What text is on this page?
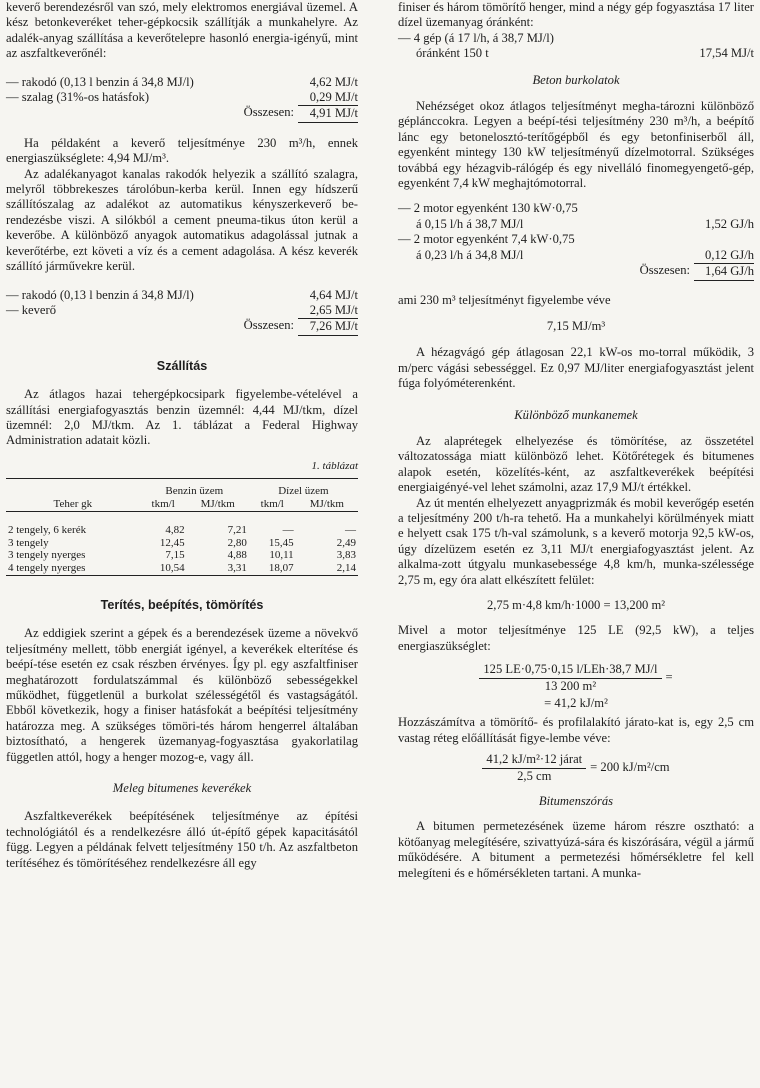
keverő berendezésről van szó, mely elektromos energiával üzemel. A kész betonkeveréket teher-gépkocsik szállítják a munkahelyre. Az adalék-anyag szállítása a keverőtelepre hasonló energia-igényű, mint az aszfaltkeverőnél:

— rakodó (0,13 l benzin á 34,8 MJ/l)	4,62 MJ/t
— szalag (31%-os hatásfok)	0,29 MJ/t
Összesen:	4,91 MJ/t

Ha példaként a keverő teljesítménye 230 m³/h, ennek energiaszükséglete: 4,94 MJ/m³.

Az adalékanyagot kanalas rakodók helyezik a szállító szalagra, melyről többrekeszes tárolóbun-kerba kerül. Innen egy hídszerű szállítószalag az adalékot az automatikus kényszerkeverő be-rendezésbe viszi. A silókból a cement pneuma-tikus úton kerül a keverőbe. A különböző anyagok automatikus adagolással jutnak a keverőtérbe, ezt követi a víz és a cement adagolása. A kész keverék szállító járművekre kerül.

— rakodó (0,13 l benzin á 34,8 MJ/l)	4,64 MJ/t
— keverő	2,65 MJ/t
Összesen:	7,26 MJ/t

Szállítás

Az átlagos hazai tehergépkocsipark figyelembe-vételével a szállítási energiafogyasztás benzin üzemnél: 4,44 MJ/tkm, dízel üzemnél: 2,0 MJ/tkm. Az 1. táblázat a Federal Highway Administration adatait közli.

1. táblázat

Teher gk	Benzin üzem		Dízel üzem	
	tkm/l	MJ/tkm	tkm/l	MJ/tkm

2 tengely, 6 kerék	4,82	7,21	—	—
3 tengely	12,45	2,80	15,45	2,49
3 tengely nyerges	7,15	4,88	10,11	3,83
4 tengely nyerges	10,54	3,31	18,07	2,14

Terítés, beépítés, tömörítés

Az eddigiek szerint a gépek és a berendezések üzeme a növekvő teljesítmény mellett, több energiát igényel, a keverékek elterítése és beépí-tése esetén ez csak részben érvényes. Így pl. egy aszfaltfiniser meghatározott fordulatszámmal és különböző sebességekkel működhet, függetlenül a burkolat szélességétől és vastagságától. Ebből következik, hogy a finiser hatásfokát a beépítési teljesítmény határozza meg. A szükséges tömöri-tés három hengerrel általában biztosítható, a hengerek üzemanyag-fogyasztása gyakorlatilag független attól, hogy a henger mozog-e, vagy áll.

Meleg bitumenes keverékek

Aszfaltkeverékek beépítésének teljesítménye az építési technológiától és a rendelkezésre álló út-építő gépek kapacitásától függ. Legyen a példának felvett teljesítmény 150 t/h. Az aszfaltbeton terítéséhez és tömörítéséhez rendelkezésre áll egy

finiser és három tömörítő henger, mind a négy gép fogyasztása 17 liter dízel üzemanyag óránként:

— 4 gép (á 17 l/h, á 38,7 MJ/l)
óránként 150 t	17,54 MJ/t

Beton burkolatok

Nehézséget okoz átlagos teljesítményt megha-tározni különböző géplánccokra. Legyen a beépí-tési teljesítmény 230 m³/h, a beépítő lánc egy betonelosztó-terítőgépből és egy betonfiniserből áll, egyenként mintegy 130 kW teljesítményű dízelmotorral. Szükséges továbbá egy hézagvib-rálógép és egy nivelláló finomegyengető-gép, egyenként 7,4 kW meghajtómotorral.

— 2 motor egyenként 130 kW·0,75
á 0,15 l/h á 38,7 MJ/l	1,52 GJ/h
— 2 motor egyenként 7,4 kW·0,75
á 0,23 l/h á 34,8 MJ/l	0,12 GJ/h
Összesen:	1,64 GJ/h

ami 230 m³ teljesítményt figyelembe véve

7,15 MJ/m³

A hézagvágó gép átlagosan 22,1 kW-os mo-torral működik, 3 m/perc vágási sebességgel. Ez 0,97 MJ/liter energiafogyasztást jelent fúga folyóméterenként.

Különböző munkanemek

Az alaprétegek elhelyezése és tömörítése, az összetétel változatossága miatt különböző lehet. Kötőrétegek és bitumenes alapok esetén, közelítés-ként, az aszfaltkeverékek beépítési energiaigényé-vel lehet számolni, azaz 17,9 MJ/t értékkel.

Az út mentén elhelyezett anyagprizmák és mobil keverőgép esetén a teljesítmény 200 t/h-ra tehető. Ha a munkahelyi körülmények miatt e helyett csak 175 t/h-val számolunk, s a keverő motorja 92,5 kW-os, úgy dízelüzem esetén ez 3,11 MJ/t energiafogyasztást jelent. Az alkalma-zott útgyalu munkasebessége 4,8 km/h, munka-szélessége 2,75 m, egy óra alatt elkészített felület:

2,75 m·4,8 km/h·1000 = 13,200 m²

Mivel a motor teljesítménye 125 LE (92,5 kW), a teljes energiaszükséglet:

$\frac{\text{125 LE·0,75·0,15 l/LEh·38,7 MJ/l}}{\text{13 200 m²}}$ =

= 41,2 kJ/m²

Hozzászámítva a tömörítő- és profilalakító járato-kat is, egy 2,5 cm vastag réteg előállítását figye-lembe véve:

$\frac{\text{41,2 kJ/m²·12 járat}}{2,5 cm} = 200$ kJ/m²/cm

Bitumenszórás

A bitumen permetezésének üzeme három részre osztható: a kötőanyag melegítésére, szivattyúzá-sára és kiszórására, végül a jármű működésére. A bitument a permetezési hőmérsékletre fel kell melegíteni és e hőmérsékleten tartani. A munka-
